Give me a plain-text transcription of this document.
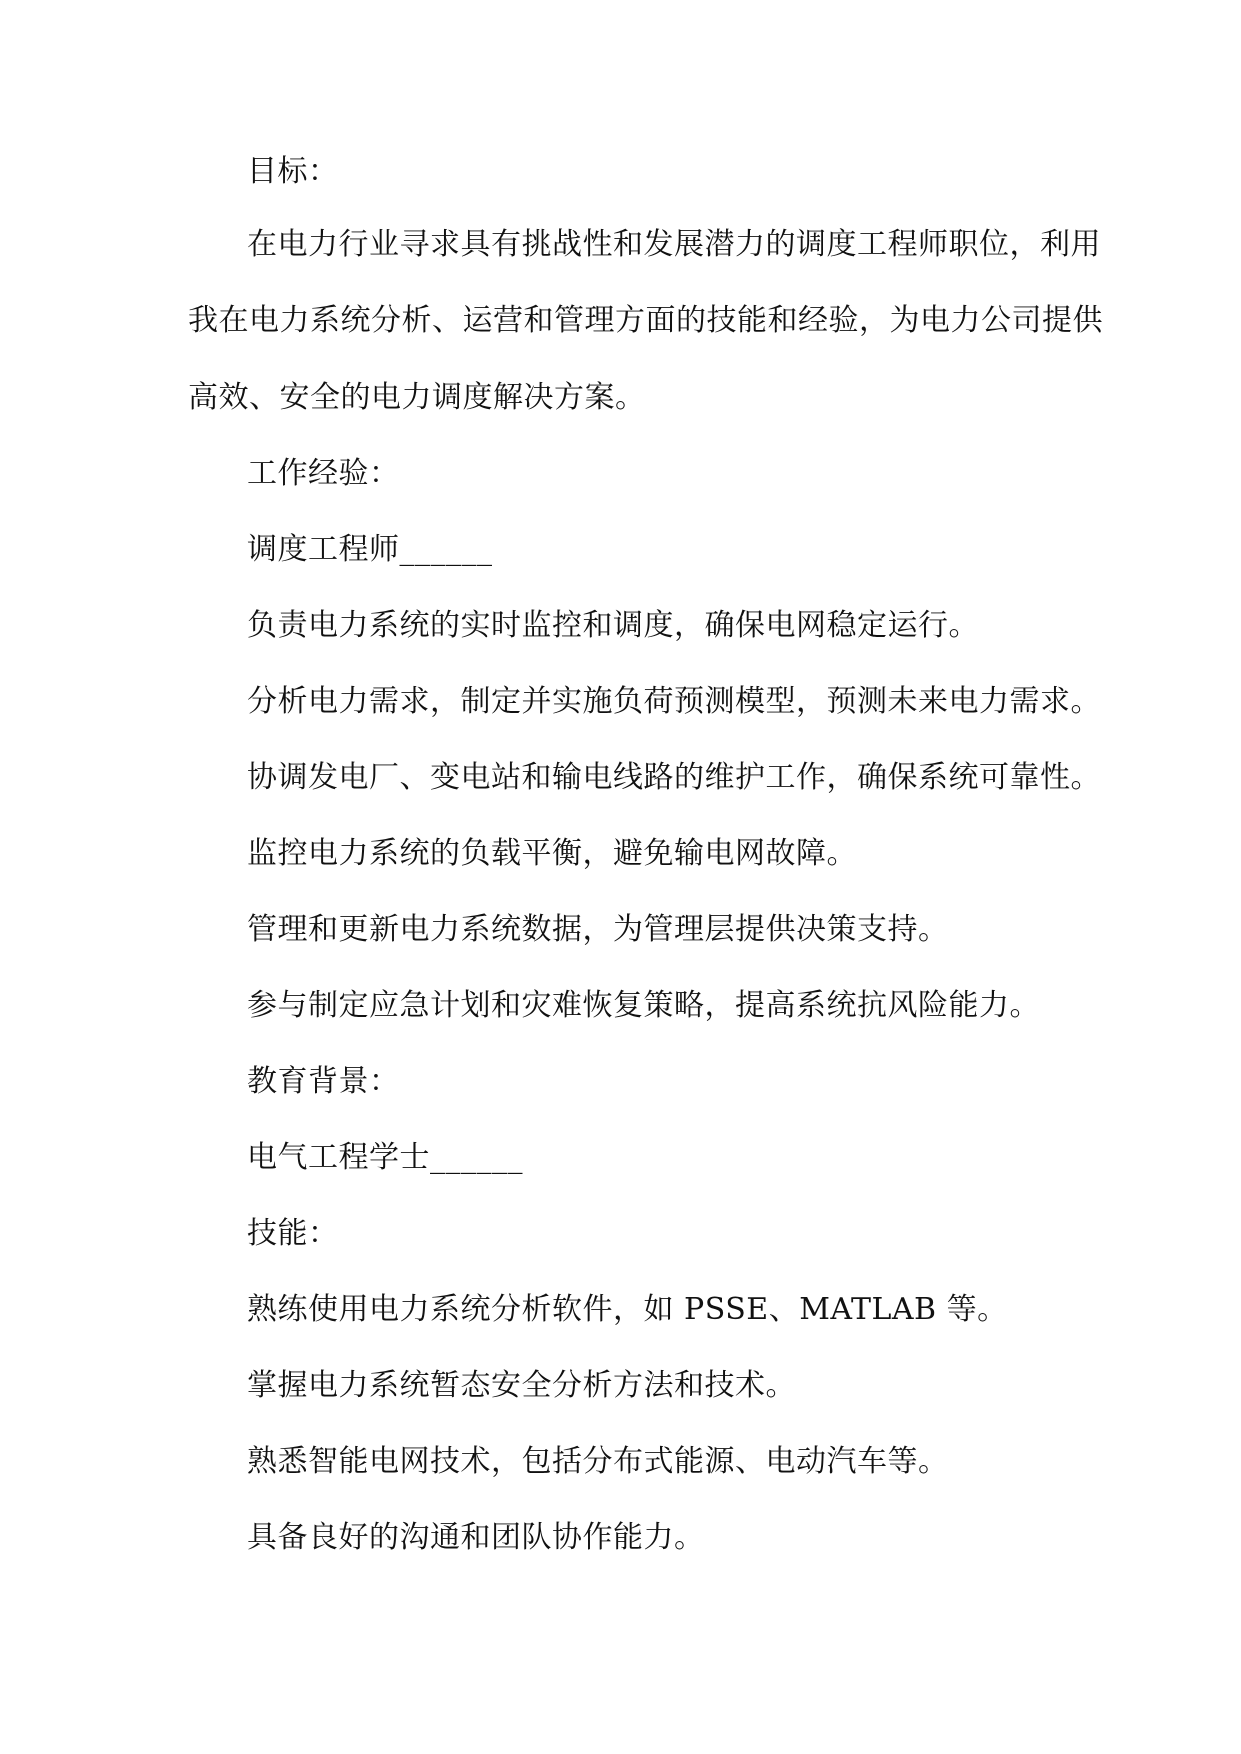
目标：
在电力行业寻求具有挑战性和发展潜力的调度工程师职位，利用
我在电力系统分析、运营和管理方面的技能和经验，为电力公司提供
高效、安全的电力调度解决方案。
工作经验：
调度工程师______
负责电力系统的实时监控和调度，确保电网稳定运行。
分析电力需求，制定并实施负荷预测模型，预测未来电力需求。
协调发电厂、变电站和输电线路的维护工作，确保系统可靠性。
监控电力系统的负载平衡，避免输电网故障。
管理和更新电力系统数据，为管理层提供决策支持。
参与制定应急计划和灾难恢复策略，提高系统抗风险能力。
教育背景：
电气工程学士______
技能：
熟练使用电力系统分析软件，如 PSSE、MATLAB 等。
掌握电力系统暂态安全分析方法和技术。
熟悉智能电网技术，包括分布式能源、电动汽车等。
具备良好的沟通和团队协作能力。
